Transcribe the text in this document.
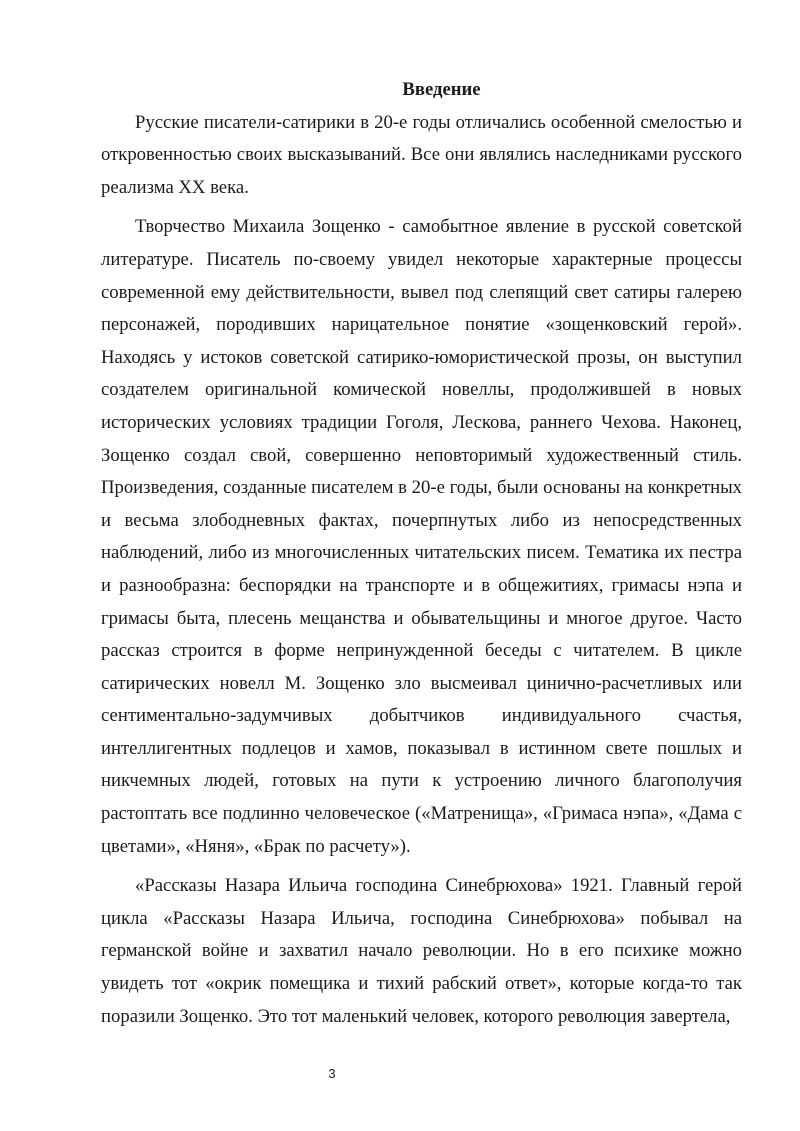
Введение

Русские писатели-сатирики в 20-е годы отличались особенной смелостью и откровенностью своих высказываний. Все они являлись наследниками русского реализма XX века.

Творчество Михаила Зощенко - самобытное явление в русской советской литературе. Писатель по-своему увидел некоторые характерные процессы современной ему действительности, вывел под слепящий свет сатиры галерею персонажей, породивших нарицательное понятие «зощенковский герой». Находясь у истоков советской сатирико-юмористической прозы, он выступил создателем оригинальной комической новеллы, продолжившей в новых исторических условиях традиции Гоголя, Лескова, раннего Чехова. Наконец, Зощенко создал свой, совершенно неповторимый художественный стиль. Произведения, созданные писателем в 20-е годы, были основаны на конкретных и весьма злободневных фактах, почерпнутых либо из непосредственных наблюдений, либо из многочисленных читательских писем. Тематика их пестра и разнообразна: беспорядки на транспорте и в общежитиях, гримасы нэпа и гримасы быта, плесень мещанства и обывательщины и многое другое. Часто рассказ строится в форме непринужденной беседы с читателем. В цикле сатирических новелл М. Зощенко зло высмеивал цинично-расчетливых или сентиментально-задумчивых добытчиков индивидуального счастья, интеллигентных подлецов и хамов, показывал в истинном свете пошлых и никчемных людей, готовых на пути к устроению личного благополучия растоптать все подлинно человеческое («Матренища», «Гримаса нэпа», «Дама с цветами», «Няня», «Брак по расчету»).

«Рассказы Назара Ильича господина Синебрюхова» 1921. Главный герой цикла «Рассказы Назара Ильича, господина Синебрюхова» побывал на германской войне и захватил начало революции. Но в его психике можно увидеть тот «окрик помещика и тихий рабский ответ», которые когда-то так поразили Зощенко. Это тот маленький человек, которого революция завертела,

3
